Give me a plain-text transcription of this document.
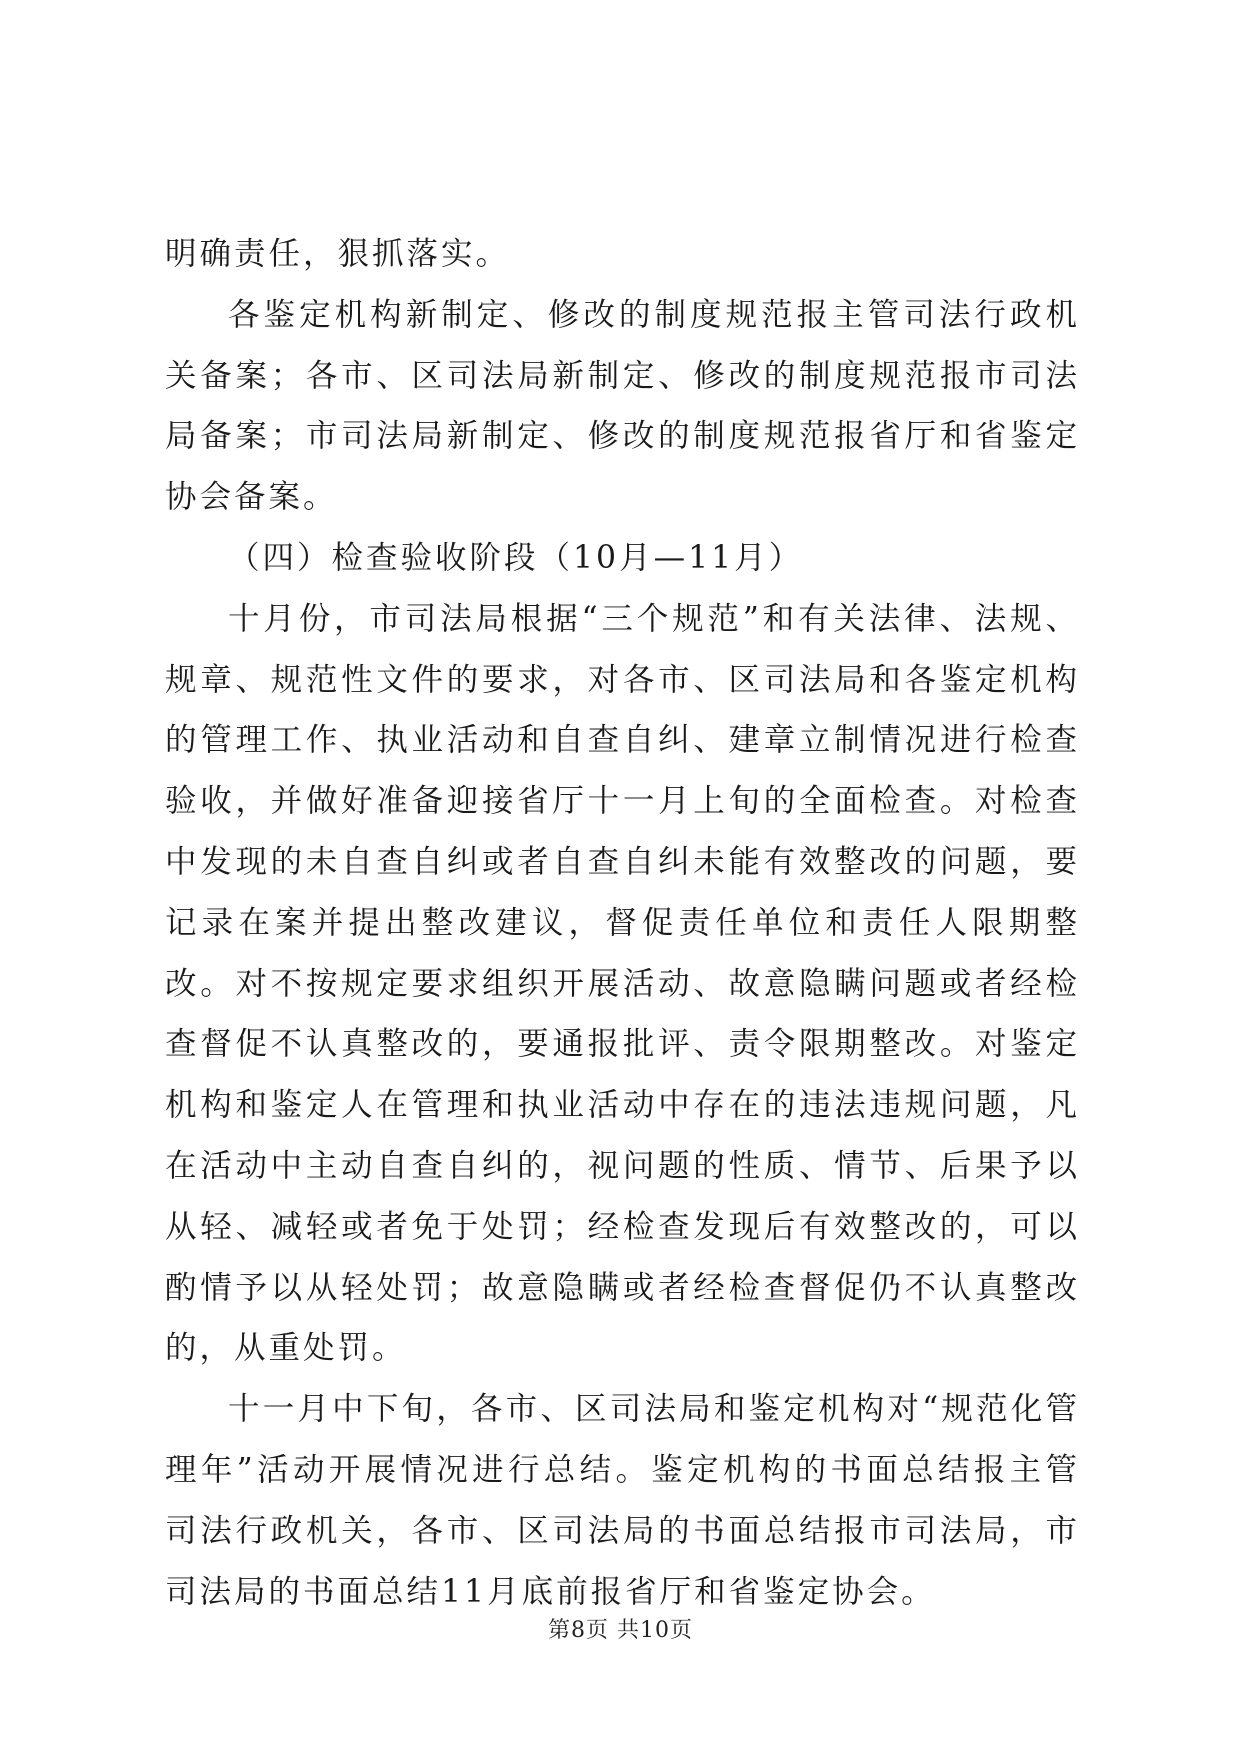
明确责任，狠抓落实。

各鉴定机构新制定、修改的制度规范报主管司法行政机关备案；各市、区司法局新制定、修改的制度规范报市司法局备案；市司法局新制定、修改的制度规范报省厅和省鉴定协会备案。

（四）检查验收阶段（10月—11月）

十月份，市司法局根据“三个规范”和有关法律、法规、规章、规范性文件的要求，对各市、区司法局和各鉴定机构的管理工作、执业活动和自查自纠、建章立制情况进行检查验收，并做好准备迎接省厅十一月上旬的全面检查。对检查中发现的未自查自纠或者自查自纠未能有效整改的问题，要记录在案并提出整改建议，督促责任单位和责任人限期整改。对不按规定要求组织开展活动、故意隐瞒问题或者经检查督促不认真整改的，要通报批评、责令限期整改。对鉴定机构和鉴定人在管理和执业活动中存在的违法违规问题，凡在活动中主动自查自纠的，视问题的性质、情节、后果予以从轻、减轻或者免于处罚；经检查发现后有效整改的，可以酌情予以从轻处罚；故意隐瞒或者经检查督促仍不认真整改的，从重处罚。

十一月中下旬，各市、区司法局和鉴定机构对“规范化管理年”活动开展情况进行总结。鉴定机构的书面总结报主管司法行政机关，各市、区司法局的书面总结报市司法局，市司法局的书面总结11月底前报省厅和省鉴定协会。

第8页 共10页
